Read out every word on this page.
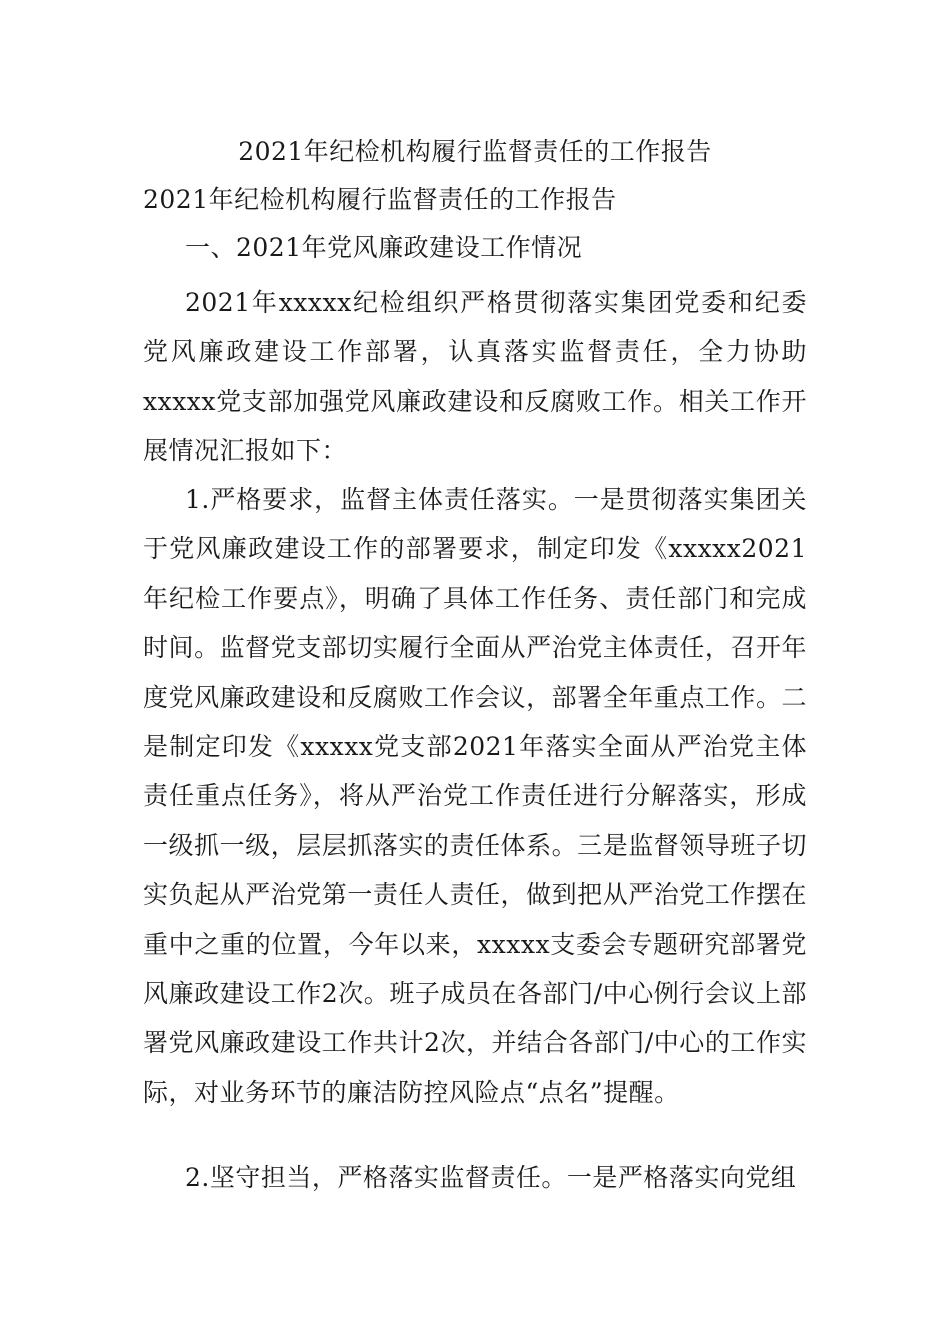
2021年纪检机构履行监督责任的工作报告
2021年纪检机构履行监督责任的工作报告
一、2021年党风廉政建设工作情况

2021年xxxxx纪检组织严格贯彻落实集团党委和纪委党风廉政建设工作部署，认真落实监督责任，全力协助xxxxx党支部加强党风廉政建设和反腐败工作。相关工作开展情况汇报如下：

1.严格要求，监督主体责任落实。一是贯彻落实集团关于党风廉政建设工作的部署要求，制定印发《xxxxx2021年纪检工作要点》，明确了具体工作任务、责任部门和完成时间。监督党支部切实履行全面从严治党主体责任，召开年度党风廉政建设和反腐败工作会议，部署全年重点工作。二是制定印发《xxxxx党支部2021年落实全面从严治党主体责任重点任务》，将从严治党工作责任进行分解落实，形成一级抓一级，层层抓落实的责任体系。三是监督领导班子切实负起从严治党第一责任人责任，做到把从严治党工作摆在重中之重的位置，今年以来，xxxxx支委会专题研究部署党风廉政建设工作2次。班子成员在各部门/中心例行会议上部署党风廉政建设工作共计2次，并结合各部门/中心的工作实际，对业务环节的廉洁防控风险点“点名”提醒。

2.坚守担当，严格落实监督责任。一是严格落实向党组
